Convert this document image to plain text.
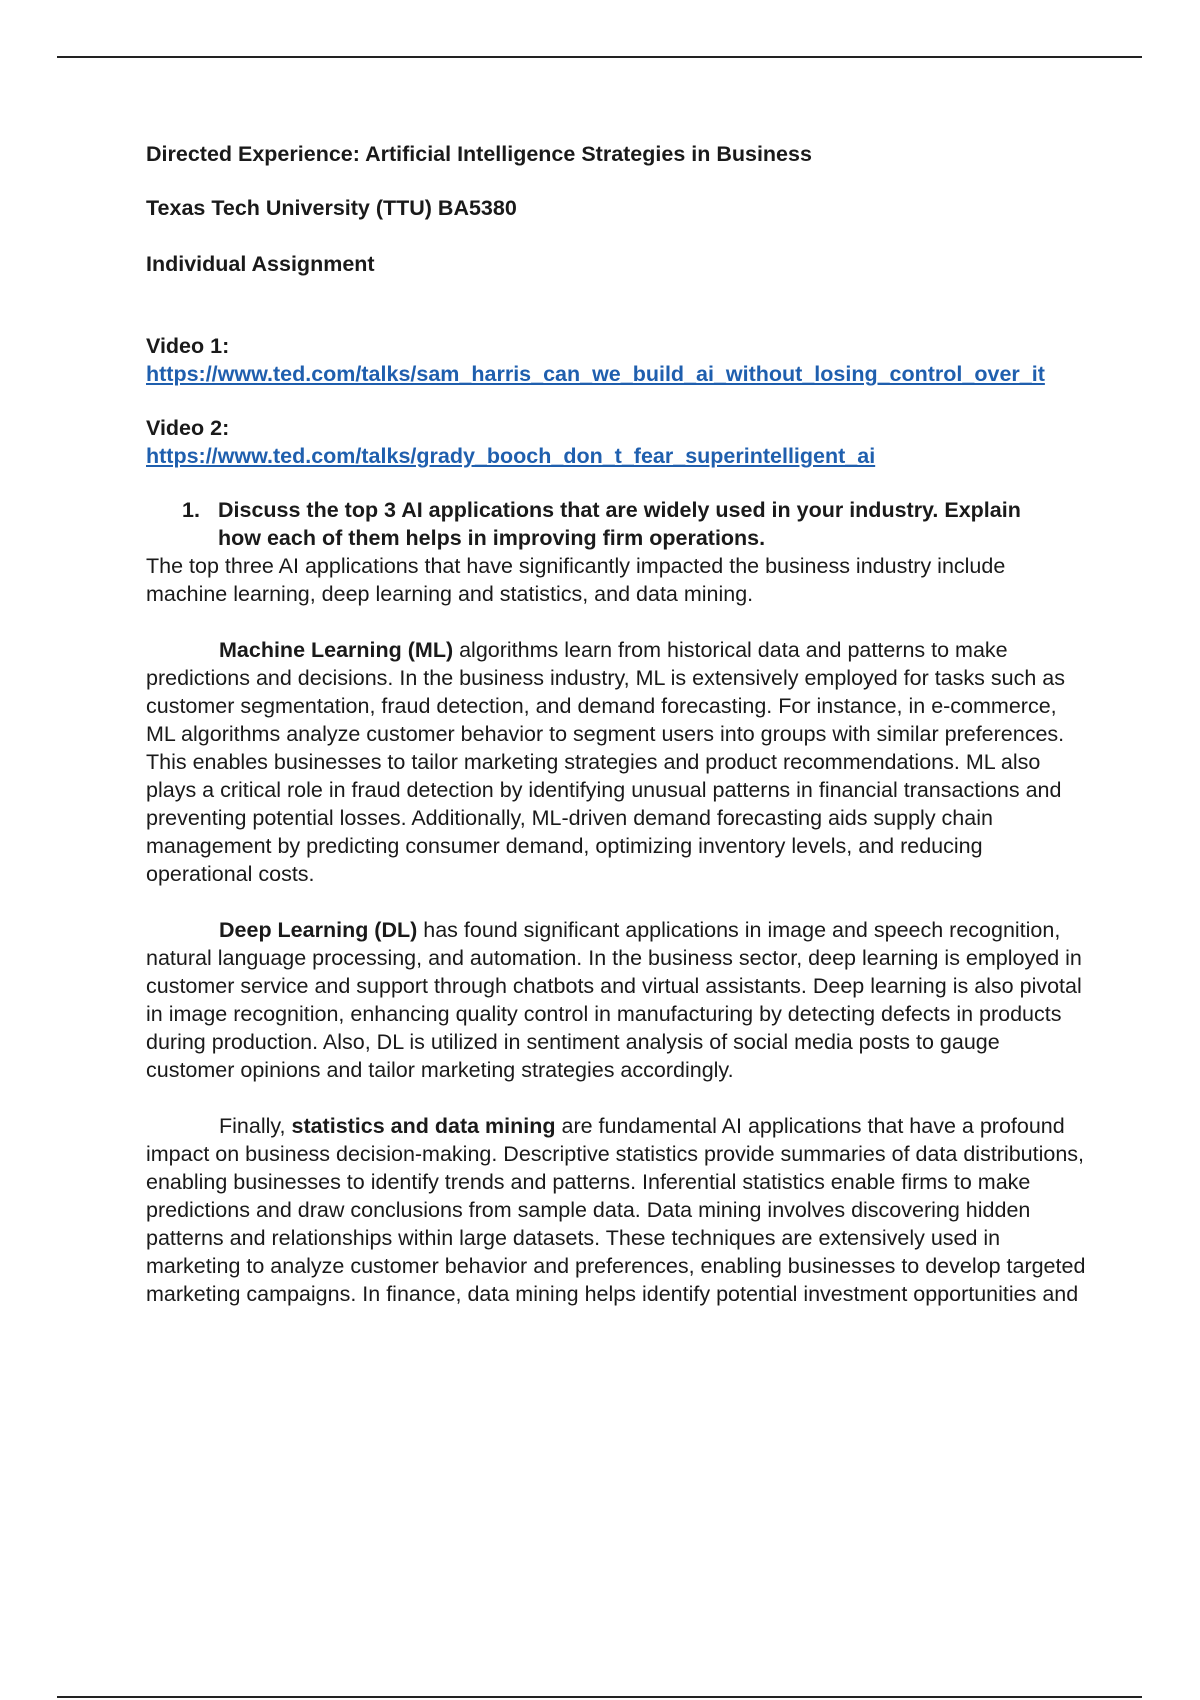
Directed Experience: Artificial Intelligence Strategies in Business

Texas Tech University (TTU) BA5380

Individual Assignment

Video 1:
https://www.ted.com/talks/sam_harris_can_we_build_ai_without_losing_control_over_it
Video 2:
https://www.ted.com/talks/grady_booch_don_t_fear_superintelligent_ai
1. Discuss the top 3 AI applications that are widely used in your industry. Explain how each of them helps in improving firm operations.

The top three AI applications that have significantly impacted the business industry include machine learning, deep learning and statistics, and data mining.

Machine Learning (ML) algorithms learn from historical data and patterns to make predictions and decisions. In the business industry, ML is extensively employed for tasks such as customer segmentation, fraud detection, and demand forecasting. For instance, in e-commerce, ML algorithms analyze customer behavior to segment users into groups with similar preferences. This enables businesses to tailor marketing strategies and product recommendations. ML also plays a critical role in fraud detection by identifying unusual patterns in financial transactions and preventing potential losses. Additionally, ML-driven demand forecasting aids supply chain management by predicting consumer demand, optimizing inventory levels, and reducing operational costs.

Deep Learning (DL) has found significant applications in image and speech recognition, natural language processing, and automation. In the business sector, deep learning is employed in customer service and support through chatbots and virtual assistants. Deep learning is also pivotal in image recognition, enhancing quality control in manufacturing by detecting defects in products during production. Also, DL is utilized in sentiment analysis of social media posts to gauge customer opinions and tailor marketing strategies accordingly.

Finally, statistics and data mining are fundamental AI applications that have a profound impact on business decision-making. Descriptive statistics provide summaries of data distributions, enabling businesses to identify trends and patterns. Inferential statistics enable firms to make predictions and draw conclusions from sample data. Data mining involves discovering hidden patterns and relationships within large datasets. These techniques are extensively used in marketing to analyze customer behavior and preferences, enabling businesses to develop targeted marketing campaigns. In finance, data mining helps identify potential investment opportunities and
